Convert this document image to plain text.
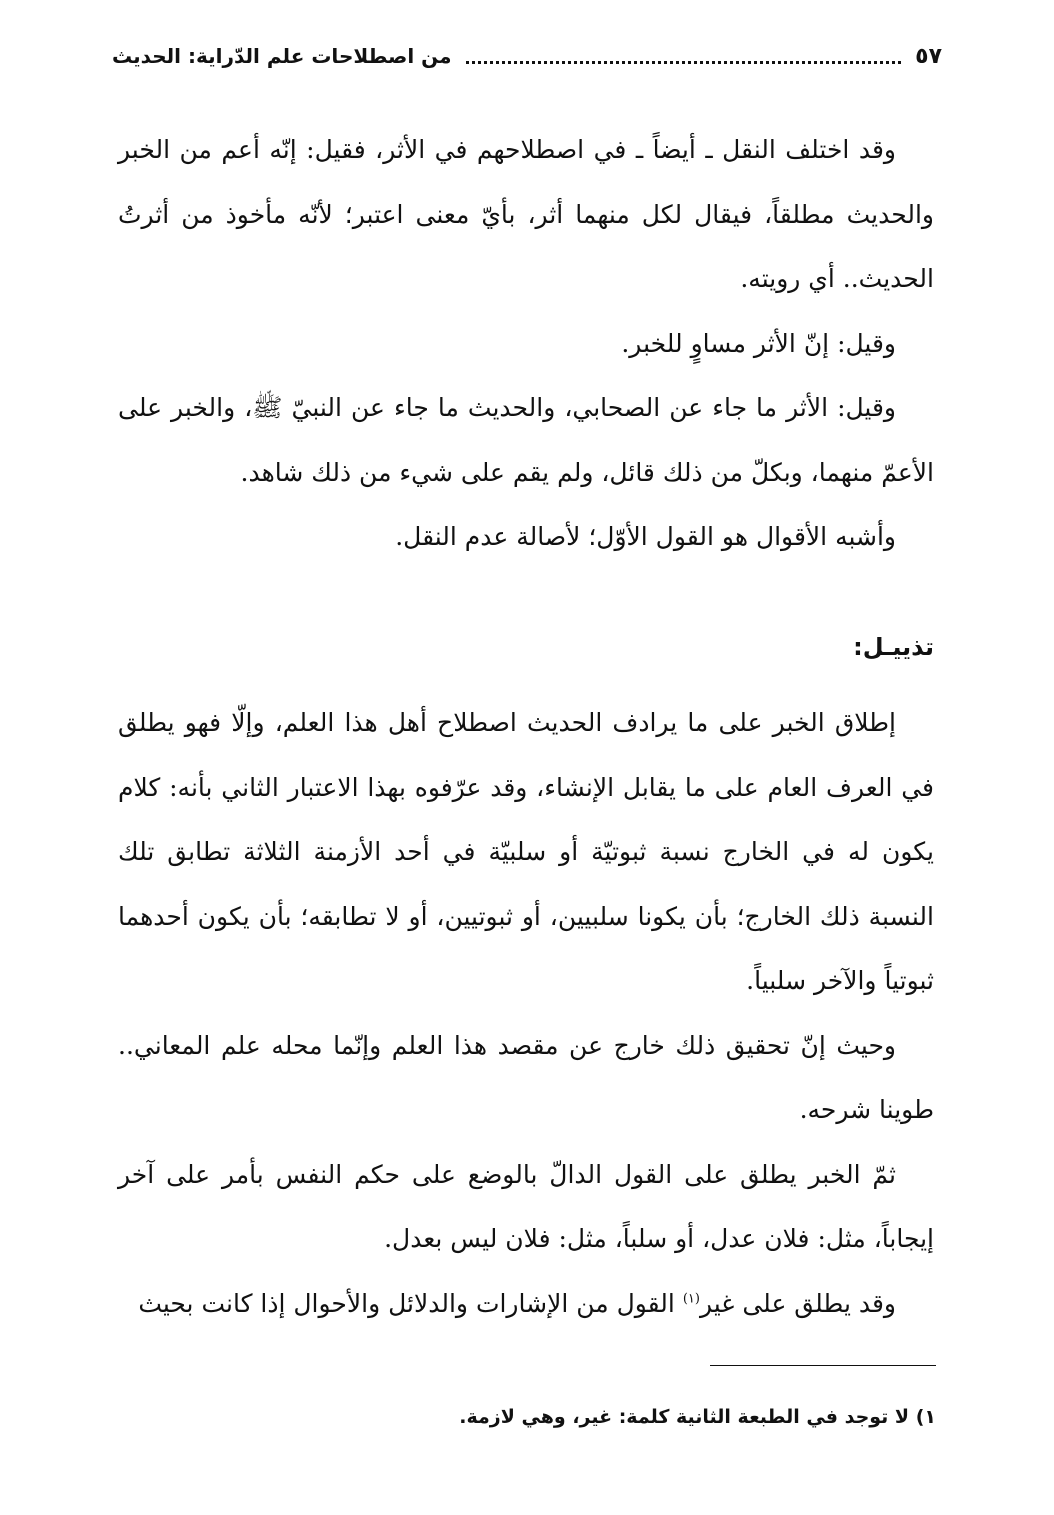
من اصطلاحات علم الدّراية: الحديث	٥٧

وقد اختلف النقل ـ أيضاً ـ في اصطلاحهم في الأثر، فقيل: إنّه أعم من الخبر والحديث مطلقاً، فيقال لكل منهما أثر، بأيّ معنى اعتبر؛ لأنّه مأخوذ من أثرتُ الحديث.. أي رويته.

وقيل: إنّ الأثر مساوٍ للخبر.

وقيل: الأثر ما جاء عن الصحابي، والحديث ما جاء عن النبيّ ﷺ، والخبر على الأعمّ منهما، وبكلّ من ذلك قائل، ولم يقم على شيء من ذلك شاهد.

وأشبه الأقوال هو القول الأوّل؛ لأصالة عدم النقل.

تذييـل:

إطلاق الخبر على ما يرادف الحديث اصطلاح أهل هذا العلم، وإلّا فهو يطلق في العرف العام على ما يقابل الإنشاء، وقد عرّفوه بهذا الاعتبار الثاني بأنه: كلام يكون له في الخارج نسبة ثبوتيّة أو سلبيّة في أحد الأزمنة الثلاثة تطابق تلك النسبة ذلك الخارج؛ بأن يكونا سلبيين، أو ثبوتيين، أو لا تطابقه؛ بأن يكون أحدهما ثبوتياً والآخر سلبياً.

وحيث إنّ تحقيق ذلك خارج عن مقصد هذا العلم وإنّما محله علم المعاني.. طوينا شرحه.

ثمّ الخبر يطلق على القول الدالّ بالوضع على حكم النفس بأمر على آخر إيجاباً، مثل: فلان عدل، أو سلباً، مثل: فلان ليس بعدل.

وقد يطلق على غير$^{(١)}$ القول من الإشارات والدلائل والأحوال إذا كانت بحيث

١) لا توجد في الطبعة الثانية كلمة: غير، وهي لازمة.
